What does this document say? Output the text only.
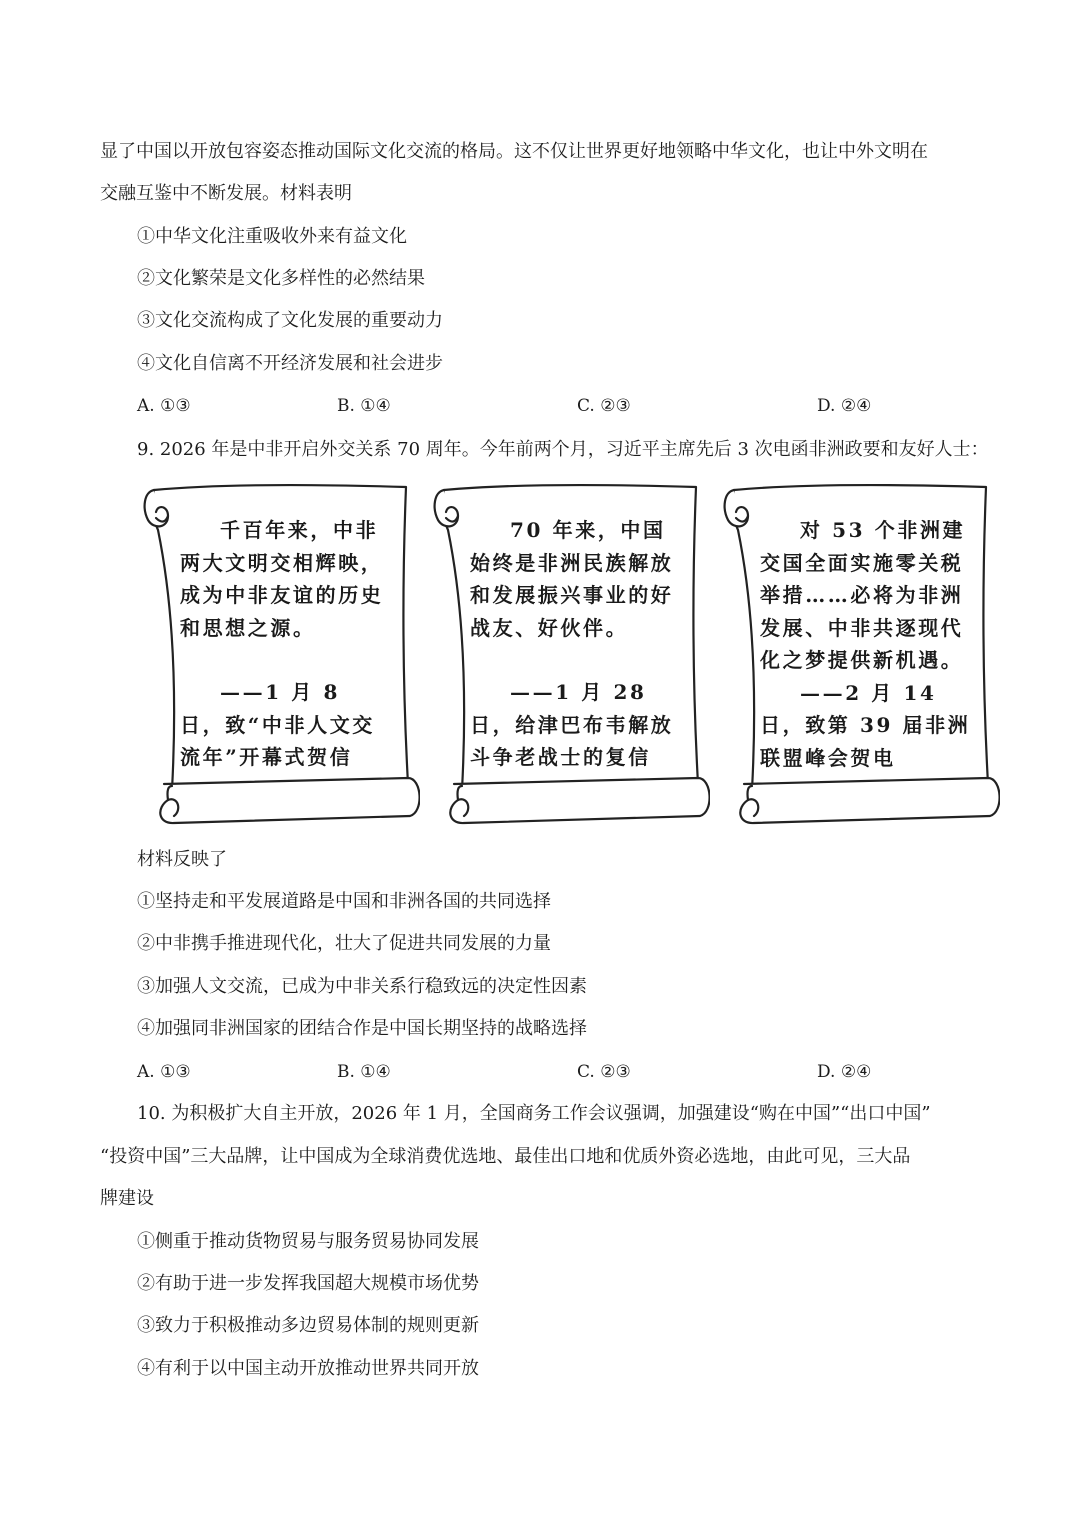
显了中国以开放包容姿态推动国际文化交流的格局。这不仅让世界更好地领略中华文化，也让中外文明在
交融互鉴中不断发展。材料表明
①中华文化注重吸收外来有益文化
②文化繁荣是文化多样性的必然结果
③文化交流构成了文化发展的重要动力
④文化自信离不开经济发展和社会进步
A. ①③	B. ①④	C. ②③	D. ②④
9. 2026 年是中非开启外交关系 70 周年。今年前两个月，习近平主席先后 3 次电函非洲政要和友好人士：

千百年来，中非两大文明交相辉映，成为中非友谊的历史和思想之源。

——1 月 8 日，致“中非人文交流年”开幕式贺信

70 年来，中国始终是非洲民族解放和发展振兴事业的好战友、好伙伴。

——1 月 28 日，给津巴布韦解放斗争老战士的复信

对 53 个非洲建交国全面实施零关税举措……必将为非洲发展、中非共逐现代化之梦提供新机遇。

——2 月 14 日，致第 39 届非洲联盟峰会贺电

材料反映了
①坚持走和平发展道路是中国和非洲各国的共同选择
②中非携手推进现代化，壮大了促进共同发展的力量
③加强人文交流，已成为中非关系行稳致远的决定性因素
④加强同非洲国家的团结合作是中国长期坚持的战略选择
A. ①③	B. ①④	C. ②③	D. ②④
10. 为积极扩大自主开放，2026 年 1 月，全国商务工作会议强调，加强建设“购在中国”“出口中国”
“投资中国”三大品牌，让中国成为全球消费优选地、最佳出口地和优质外资必选地，由此可见，三大品
牌建设
①侧重于推动货物贸易与服务贸易协同发展
②有助于进一步发挥我国超大规模市场优势
③致力于积极推动多边贸易体制的规则更新
④有利于以中国主动开放推动世界共同开放
